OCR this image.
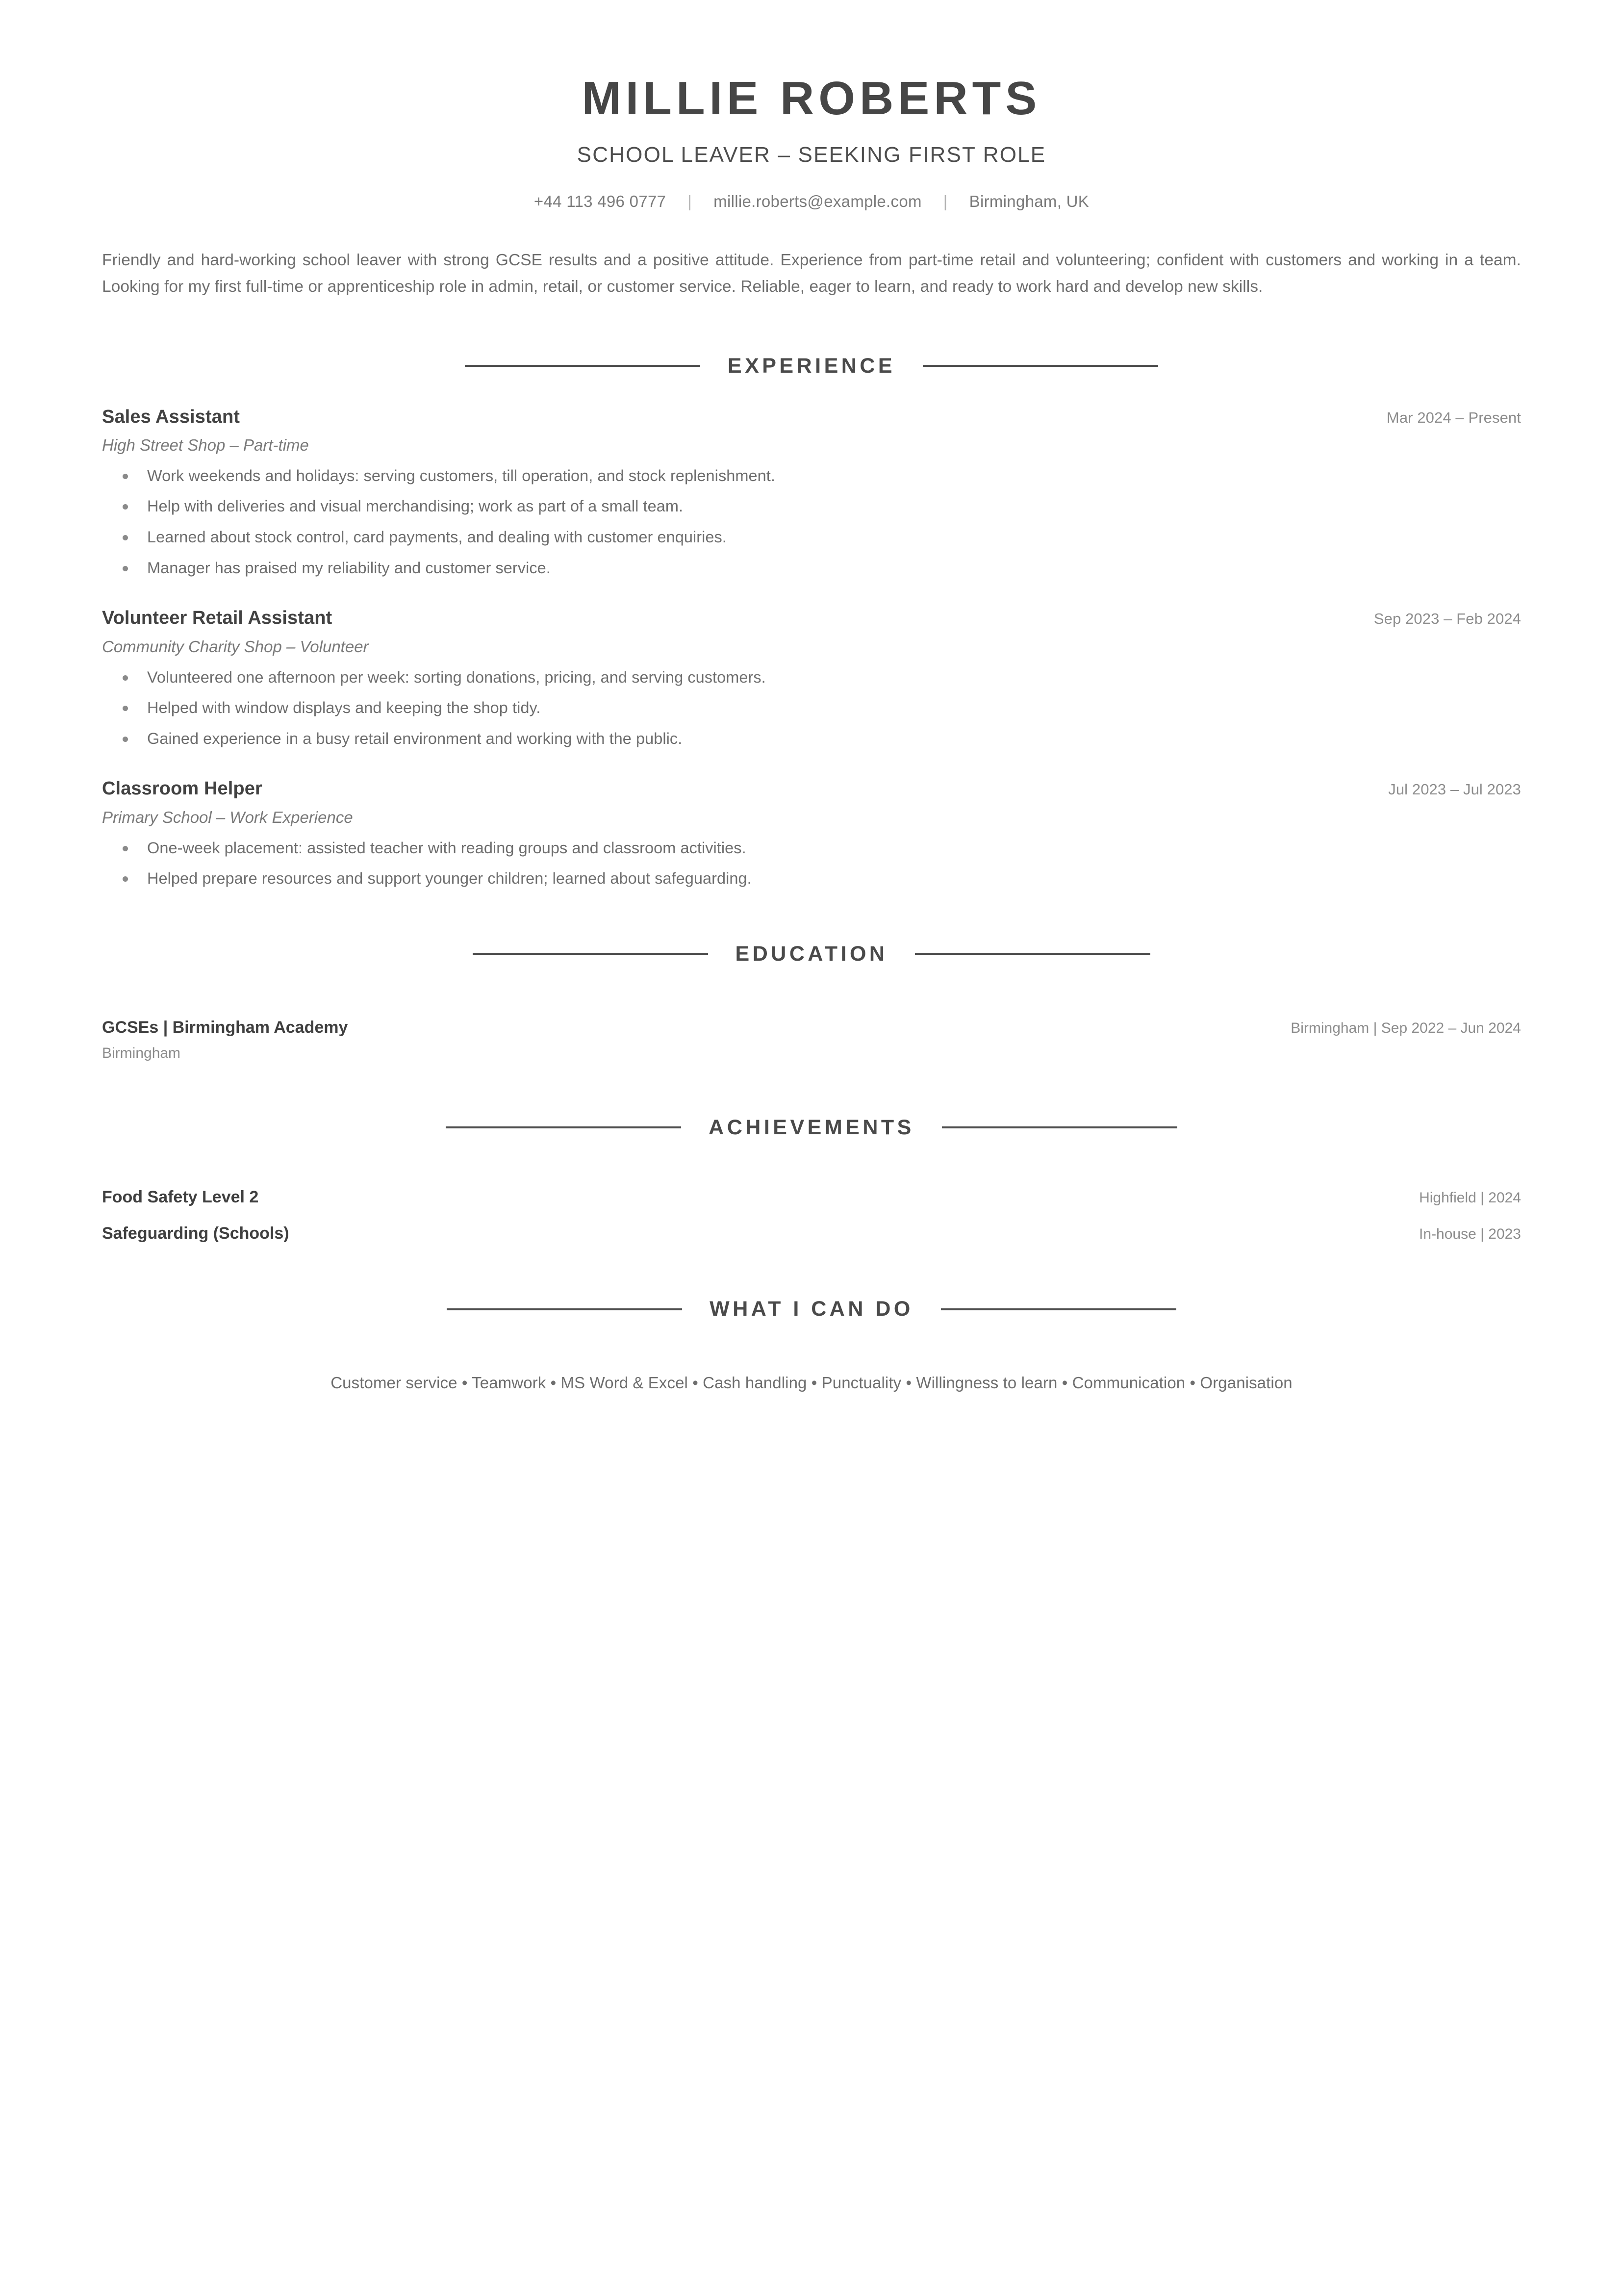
MILLIE ROBERTS
SCHOOL LEAVER – SEEKING FIRST ROLE
+44 113 496 0777	|	millie.roberts@example.com	|	Birmingham, UK

Friendly and hard-working school leaver with strong GCSE results and a positive attitude. Experience from part-time retail and volunteering; confident with customers and working in a team. Looking for my first full-time or apprenticeship role in admin, retail, or customer service. Reliable, eager to learn, and ready to work hard and develop new skills.

EXPERIENCE
Sales Assistant	Mar 2024 – Present
High Street Shop – Part-time
Work weekends and holidays: serving customers, till operation, and stock replenishment.
Help with deliveries and visual merchandising; work as part of a small team.
Learned about stock control, card payments, and dealing with customer enquiries.
Manager has praised my reliability and customer service.
Volunteer Retail Assistant	Sep 2023 – Feb 2024
Community Charity Shop – Volunteer
Volunteered one afternoon per week: sorting donations, pricing, and serving customers.
Helped with window displays and keeping the shop tidy.
Gained experience in a busy retail environment and working with the public.
Classroom Helper	Jul 2023 – Jul 2023
Primary School – Work Experience
One-week placement: assisted teacher with reading groups and classroom activities.
Helped prepare resources and support younger children; learned about safeguarding.
EDUCATION
GCSEs | Birmingham Academy	Birmingham | Sep 2022 – Jun 2024
Birmingham
ACHIEVEMENTS
Food Safety Level 2	Highfield | 2024
Safeguarding (Schools)	In-house | 2023
WHAT I CAN DO
Customer service • Teamwork • MS Word & Excel • Cash handling • Punctuality • Willingness to learn • Communication • Organisation
